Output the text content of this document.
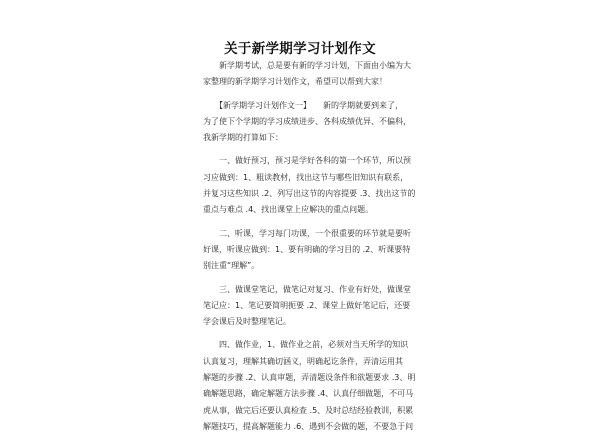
关于新学期学习计划作文
　　新学期考试，总是要有新的学习计划，下面由小编为大
家整理的新学期学习计划作文，希望可以帮到大家！
　　【新学期学习计划作文一】　　新的学期就要到来了，
为了使下个学期的学习成绩进步、各科成绩优异、不偏科，
我新学期的打算如下：
　　一、做好预习，预习是学好各科的第一个环节，所以预
习应做到：1、粗读教材，找出这节与哪些旧知识有联系，
并复习这些知识 .2、列写出这节的内容提要 .3、找出这节的
重点与难点 .4、找出课堂上应解决的重点问题。
　　二、听课，学习每门功课，一个很重要的环节就是要听
好课，听课应做到：1、要有明确的学习目的 .2、听课要特
别注重“理解”。
　　三、做课堂笔记，做笔记对复习、作业有好处，做课堂
笔记应：1、笔记要简明扼要 .2、课堂上做好笔记后，还要
学会课后及时整理笔记。
　　四、做作业，1、做作业之前，必须对当天所学的知识
认真复习，理解其确切涵义，明确起讫条件，弄清运用其
解题的步骤 .2、认真审题，弄清题设条件和欲题要求 .3、明
确解题思路，确定解题方法步骤 .4、认真仔细做题，不可马
虎从事，做完后还要认真检查 .5、及时总结经验教训，积累
解题技巧，提高解题能力 .6、遇到不会做的题，不要急于问
